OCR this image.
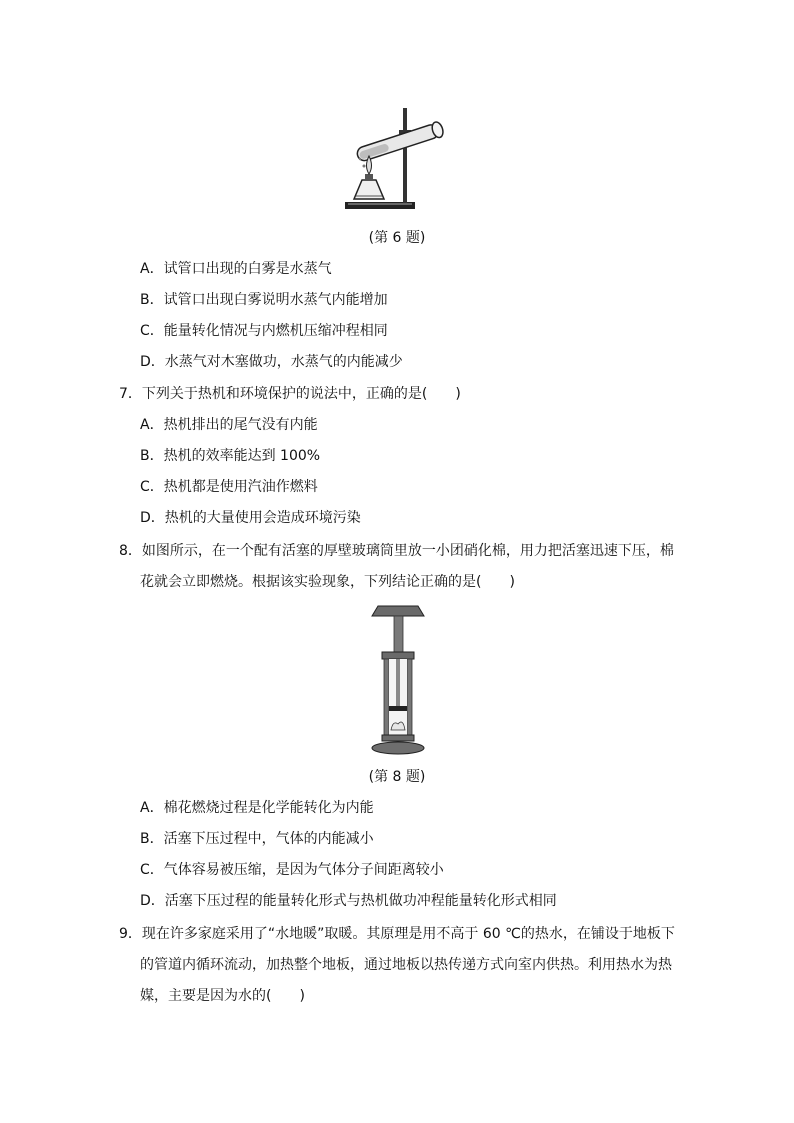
(第 6 题)
A．试管口出现的白雾是水蒸气
B．试管口出现白雾说明水蒸气内能增加
C．能量转化情况与内燃机压缩冲程相同
D．水蒸气对木塞做功，水蒸气的内能减少
7．下列关于热机和环境保护的说法中，正确的是(　　)
A．热机排出的尾气没有内能
B．热机的效率能达到 100%
C．热机都是使用汽油作燃料
D．热机的大量使用会造成环境污染
8．如图所示，在一个配有活塞的厚壁玻璃筒里放一小团硝化棉，用力把活塞迅速下压，棉
花就会立即燃烧。根据该实验现象，下列结论正确的是(　　)
(第 8 题)
A．棉花燃烧过程是化学能转化为内能
B．活塞下压过程中，气体的内能减小
C．气体容易被压缩，是因为气体分子间距离较小
D．活塞下压过程的能量转化形式与热机做功冲程能量转化形式相同
9．现在许多家庭采用了“水地暖”取暖。其原理是用不高于 60 ℃的热水，在铺设于地板下
的管道内循环流动，加热整个地板，通过地板以热传递方式向室内供热。利用热水为热
媒，主要是因为水的(　　)
